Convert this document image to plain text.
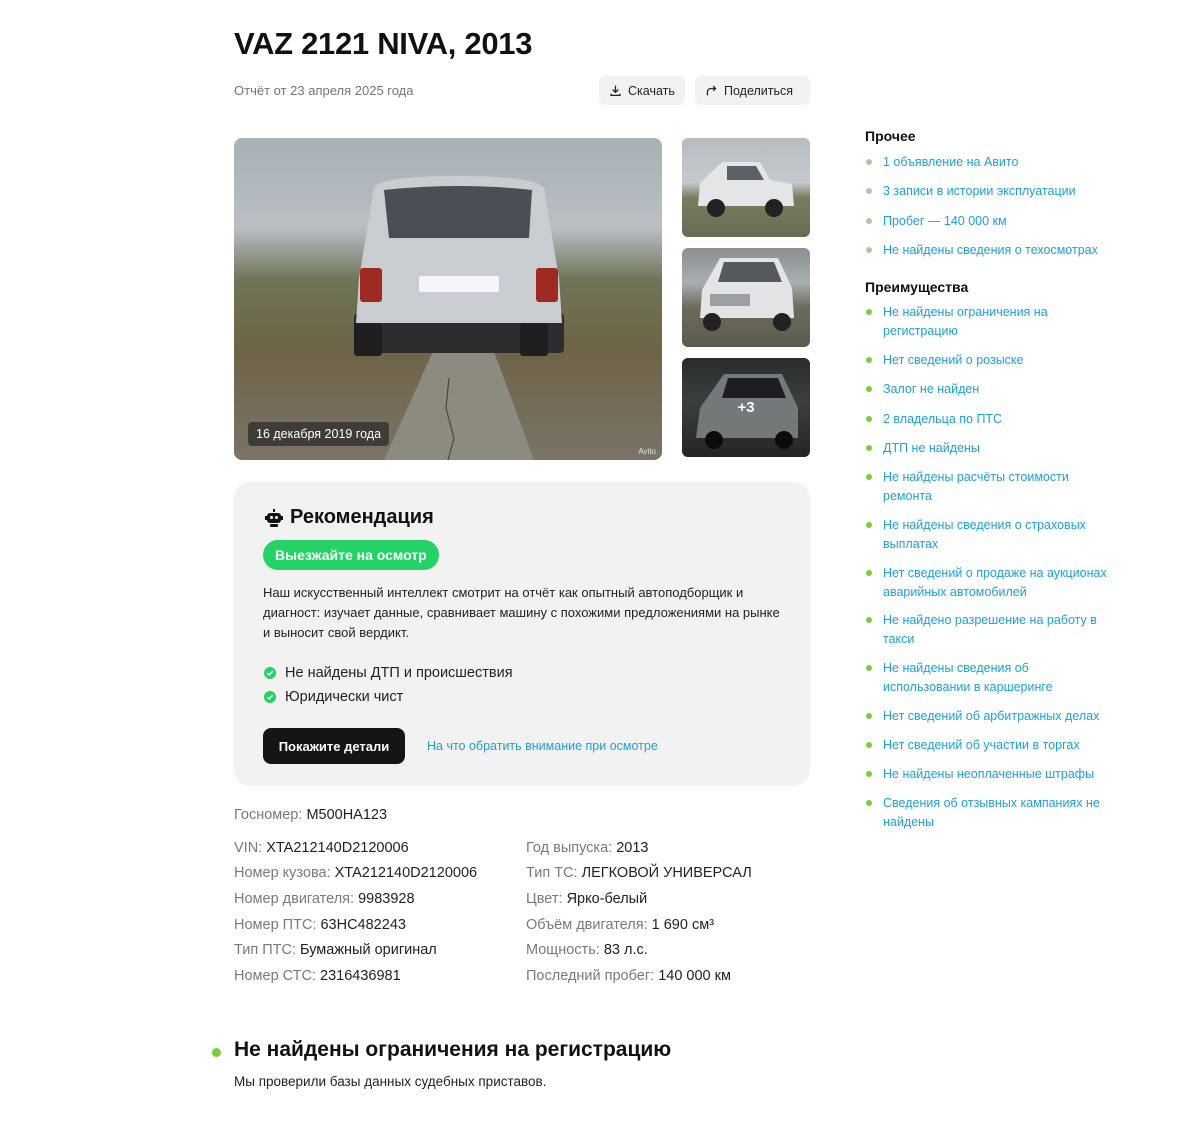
VAZ 2121 NIVA, 2013
Отчёт от 23 апреля 2025 года	Скачать	Поделиться
16 декабря 2019 года
Avito
+3
Рекомендация
Выезжайте на осмотр

Наш искусственный интеллект смотрит на отчёт как опытный автоподборщик и диагност: изучает данные, сравнивает машину с похожими предложениями на рынке и выносит свой вердикт.

Не найдены ДТП и происшествия
Юридически чист
Покажите детали	На что обратить внимание при осмотре
Госномер: М500НА123
VIN: XTA212140D2120006
Номер кузова: XTA212140D2120006
Номер двигателя: 9983928
Номер ПТС: 63НС482243
Тип ПТС: Бумажный оригинал
Номер СТС: 2316436981
Год выпуска: 2013
Тип ТС: ЛЕГКОВОЙ УНИВЕРСАЛ
Цвет: Ярко-белый
Объём двигателя: 1 690 см³
Мощность: 83 л.с.
Последний пробег: 140 000 км
Прочее
1 объявление на Авито
3 записи в истории эксплуатации
Пробег — 140 000 км
Не найдены сведения о техосмотрах
Преимущества
Не найдены ограничения на регистрацию
Нет сведений о розыске
Залог не найден
2 владельца по ПТС
ДТП не найдены
Не найдены расчёты стоимости ремонта
Не найдены сведения о страховых выплатах
Нет сведений о продаже на аукционах аварийных автомобилей
Не найдено разрешение на работу в такси
Не найдены сведения об использовании в каршеринге
Нет сведений об арбитражных делах
Нет сведений об участии в торгах
Не найдены неоплаченные штрафы
Сведения об отзывных кампаниях не найдены
Не найдены ограничения на регистрацию

Мы проверили базы данных судебных приставов.
